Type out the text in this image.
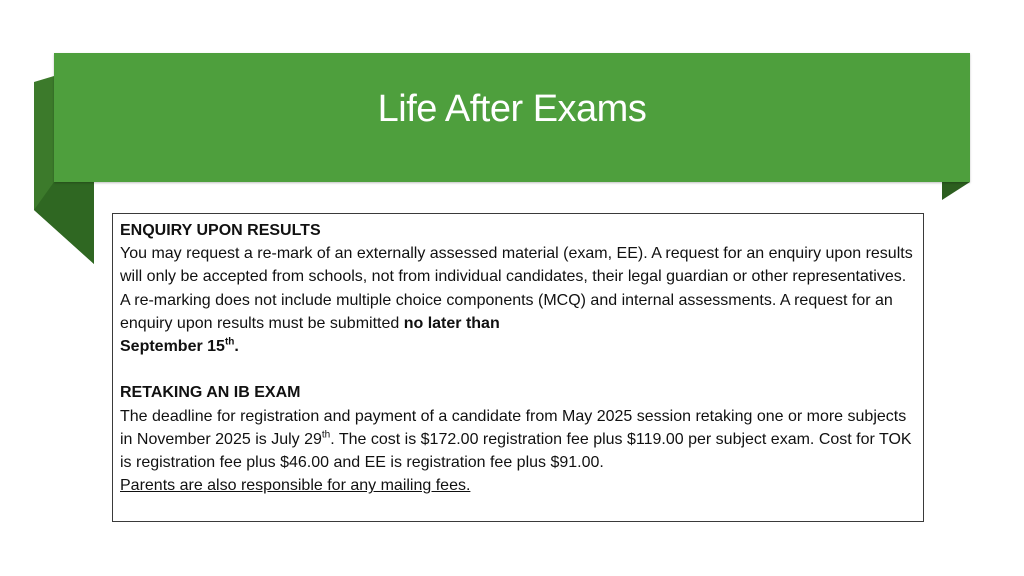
Life After Exams

ENQUIRY UPON RESULTS

You may request a re-mark of an externally assessed material (exam, EE). A request for an enquiry upon results will only be accepted from schools, not from individual candidates, their legal guardian or other representatives. A re-marking does not include multiple choice components (MCQ) and internal assessments. A request for an enquiry upon results must be submitted no later than
September 15th.

RETAKING AN IB EXAM

The deadline for registration and payment of a candidate from May 2025 session retaking one or more subjects in November 2025 is July 29th. The cost is $172.00 registration fee plus $119.00 per subject exam. Cost for TOK is registration fee plus $46.00 and EE is registration fee plus $91.00.

Parents are also responsible for any mailing fees.
